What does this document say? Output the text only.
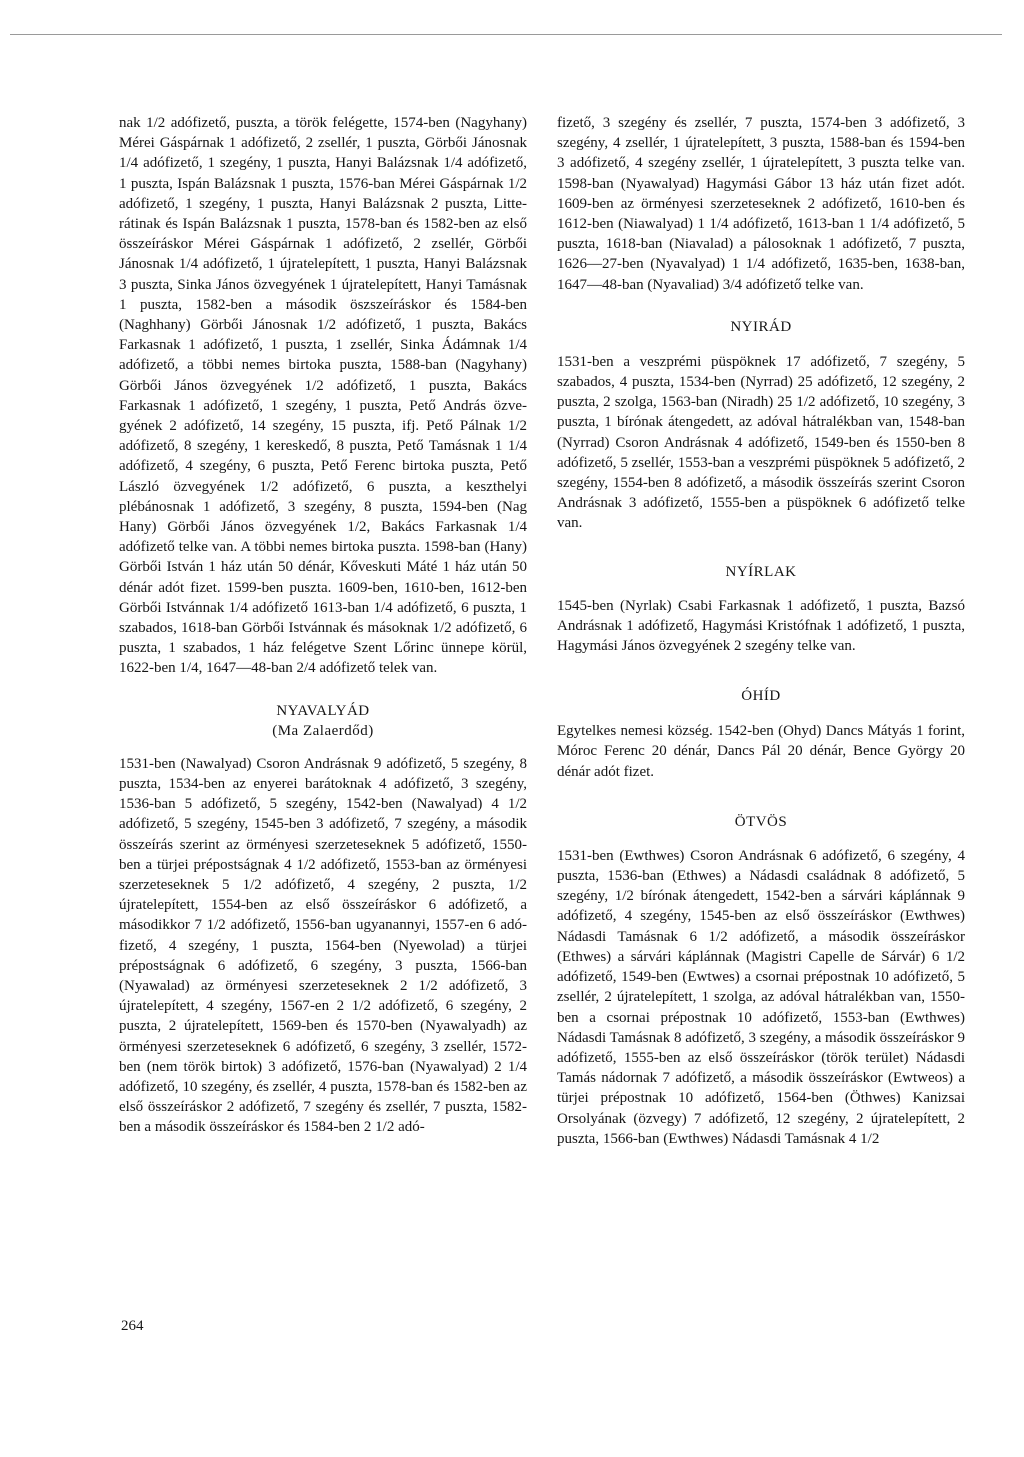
nak 1/2 adófizető, puszta, a török felégette, 1574-ben (Nagyhany) Mérei Gáspárnak 1 adófizető, 2 zsellér, 1 puszta, Görbői Jánosnak 1/4 adófizető, 1 szegény, 1 puszta, Hanyi Balázsnak 1/4 adófizető, 1 puszta, Ispán Balázsnak 1 puszta, 1576-ban Mérei Gáspárnak 1/2 adófizető, 1 szegény, 1 puszta, Hanyi Balázsnak 2 puszta, Litterátinak és Ispán Balázsnak 1 puszta, 1578-ban és 1582-ben az első összeíráskor Mérei Gáspárnak 1 adófizető, 2 zsellér, Görbői Jánosnak 1/4 adófizető, 1 újratelepített, 1 puszta, Hanyi Balázsnak 3 puszta, Sinka János özvegyének 1 újratelepített, Hanyi Tamásnak 1 puszta, 1582-ben a második öszszeíráskor és 1584-ben (Naghhany) Görbői Jánosnak 1/2 adófizető, 1 puszta, Bakács Farkasnak 1 adófizető, 1 puszta, 1 zsellér, Sinka Ádámnak 1/4 adófizető, a többi nemes birtoka puszta, 1588-ban (Nagyhany) Görbői János özvegyének 1/2 adófizető, 1 puszta, Bakács Farkasnak 1 adófizető, 1 szegény, 1 puszta, Pető András özvegyének 2 adófizető, 14 szegény, 15 puszta, ifj. Pető Pálnak 1/2 adófizető, 8 szegény, 1 kereskedő, 8 puszta, Pető Tamásnak 1 1/4 adófizető, 4 szegény, 6 puszta, Pető Ferenc birtoka puszta, Pető László özvegyének 1/2 adófizető, 6 puszta, a keszthelyi plébánosnak 1 adófizető, 3 szegény, 8 puszta, 1594-ben (Nag Hany) Görbői János özvegyének 1/2, Bakács Farkasnak 1/4 adófizető telke van. A többi nemes birtoka puszta. 1598-ban (Hany) Görbői István 1 ház után 50 dénár, Kőveskuti Máté 1 ház után 50 dénár adót fizet. 1599-ben puszta. 1609-ben, 1610-ben, 1612-ben Görbői Istvánnak 1/4 adófizető 1613-ban 1/4 adófizető, 6 puszta, 1 szabados, 1618-ban Görbői Istvánnak és másoknak 1/2 adófizető, 6 puszta, 1 szabados, 1 ház felégetve Szent Lőrinc ünnepe körül, 1622-ben 1/4, 1647—48-ban 2/4 adófizető telek van.

NYAVALYÁD
(Ma Zalaerdőd)

1531-ben (Nawalyad) Csoron Andrásnak 9 adófizető, 5 szegény, 8 puszta, 1534-ben az enyerei barátoknak 4 adófizető, 3 szegény, 1536-ban 5 adófizető, 5 szegény, 1542-ben (Nawalyad) 4 1/2 adófizető, 5 szegény, 1545-ben 3 adófizető, 7 szegény, a második összeírás szerint az örményesi szerzeteseknek 5 adófizető, 1550-ben a türjei prépostságnak 4 1/2 adófizető, 1553-ban az örményesi szerzeteseknek 5 1/2 adófizető, 4 szegény, 2 puszta, 1/2 újratelepített, 1554-ben az első összeíráskor 6 adófizető, a másodikkor 7 1/2 adófizető, 1556-ban ugyanannyi, 1557-en 6 adófizető, 4 szegény, 1 puszta, 1564-ben (Nyewolad) a türjei prépostságnak 6 adófizető, 6 szegény, 3 puszta, 1566-ban (Nyawalad) az örményesi szerzeteseknek 2 1/2 adófizető, 3 újratelepített, 4 szegény, 1567-en 2 1/2 adófizető, 6 szegény, 2 puszta, 2 újratelepített, 1569-ben és 1570-ben (Nyawalyadh) az örményesi szerzeteseknek 6 adófizető, 6 szegény, 3 zsellér, 1572-ben (nem török birtok) 3 adófizető, 1576-ban (Nyawalyad) 2 1/4 adófizető, 10 szegény, és zsellér, 4 puszta, 1578-ban és 1582-ben az első összeíráskor 2 adófizető, 7 szegény és zsellér, 7 puszta, 1582-ben a második összeíráskor és 1584-ben 2 1/2 adó-

fizető, 3 szegény és zsellér, 7 puszta, 1574-ben 3 adófizető, 3 szegény, 4 zsellér, 1 újratelepített, 3 puszta, 1588-ban és 1594-ben 3 adófizető, 4 szegény zsellér, 1 újratelepített, 3 puszta telke van. 1598-ban (Nyawalyad) Hagymási Gábor 13 ház után fizet adót. 1609-ben az örményesi szerzeteseknek 2 adófizető, 1610-ben és 1612-ben (Niawalyad) 1 1/4 adófizető, 1613-ban 1 1/4 adófizető, 5 puszta, 1618-ban (Niavalad) a pálosoknak 1 adófizető, 7 puszta, 1626—27-ben (Nyavalyad) 1 1/4 adófizető, 1635-ben, 1638-ban, 1647—48-ban (Nyavaliad) 3/4 adófizető telke van.

NYIRÁD

1531-ben a veszprémi püspöknek 17 adófizető, 7 szegény, 5 szabados, 4 puszta, 1534-ben (Nyrrad) 25 adófizető, 12 szegény, 2 puszta, 2 szolga, 1563-ban (Niradh) 25 1/2 adófizető, 10 szegény, 3 puszta, 1 bírónak átengedett, az adóval hátralékban van, 1548-ban (Nyrrad) Csoron Andrásnak 4 adófizető, 1549-ben és 1550-ben 8 adófizető, 5 zsellér, 1553-ban a veszprémi püspöknek 5 adófizető, 2 szegény, 1554-ben 8 adófizető, a második összeírás szerint Csoron Andrásnak 3 adófizető, 1555-ben a püspöknek 6 adófizető telke van.

NYÍRLAK

1545-ben (Nyrlak) Csabi Farkasnak 1 adófizető, 1 puszta, Bazsó Andrásnak 1 adófizető, Hagymási Kristófnak 1 adófizető, 1 puszta, Hagymási János özvegyének 2 szegény telke van.

ÓHÍD

Egytelkes nemesi község. 1542-ben (Ohyd) Dancs Mátyás 1 forint, Móroc Ferenc 20 dénár, Dancs Pál 20 dénár, Bence György 20 dénár adót fizet.

ÖTVÖS

1531-ben (Ewthwes) Csoron Andrásnak 6 adófizető, 6 szegény, 4 puszta, 1536-ban (Ethwes) a Nádasdi családnak 8 adófizető, 5 szegény, 1/2 bírónak átengedett, 1542-ben a sárvári káplánnak 9 adófizető, 4 szegény, 1545-ben az első összeíráskor (Ewthwes) Nádasdi Tamásnak 6 1/2 adófizető, a második összeíráskor (Ethwes) a sárvári káplánnak (Magistri Capelle de Sárvár) 6 1/2 adófizető, 1549-ben (Ewtwes) a csornai prépostnak 10 adófizető, 5 zsellér, 2 újratelepített, 1 szolga, az adóval hátralékban van, 1550-ben a csornai prépostnak 10 adófizető, 1553-ban (Ewthwes) Nádasdi Tamásnak 8 adófizető, 3 szegény, a második összeíráskor 9 adófizető, 1555-ben az első összeíráskor (török terület) Nádasdi Tamás nádornak 7 adófizető, a második összeíráskor (Ewtweos) a türjei prépostnak 10 adófizető, 1564-ben (Öthwes) Kanizsai Orsolyának (özvegy) 7 adófizető, 12 szegény, 2 újratelepített, 2 puszta, 1566-ban (Ewthwes) Nádasdi Tamásnak 4 1/2

264
